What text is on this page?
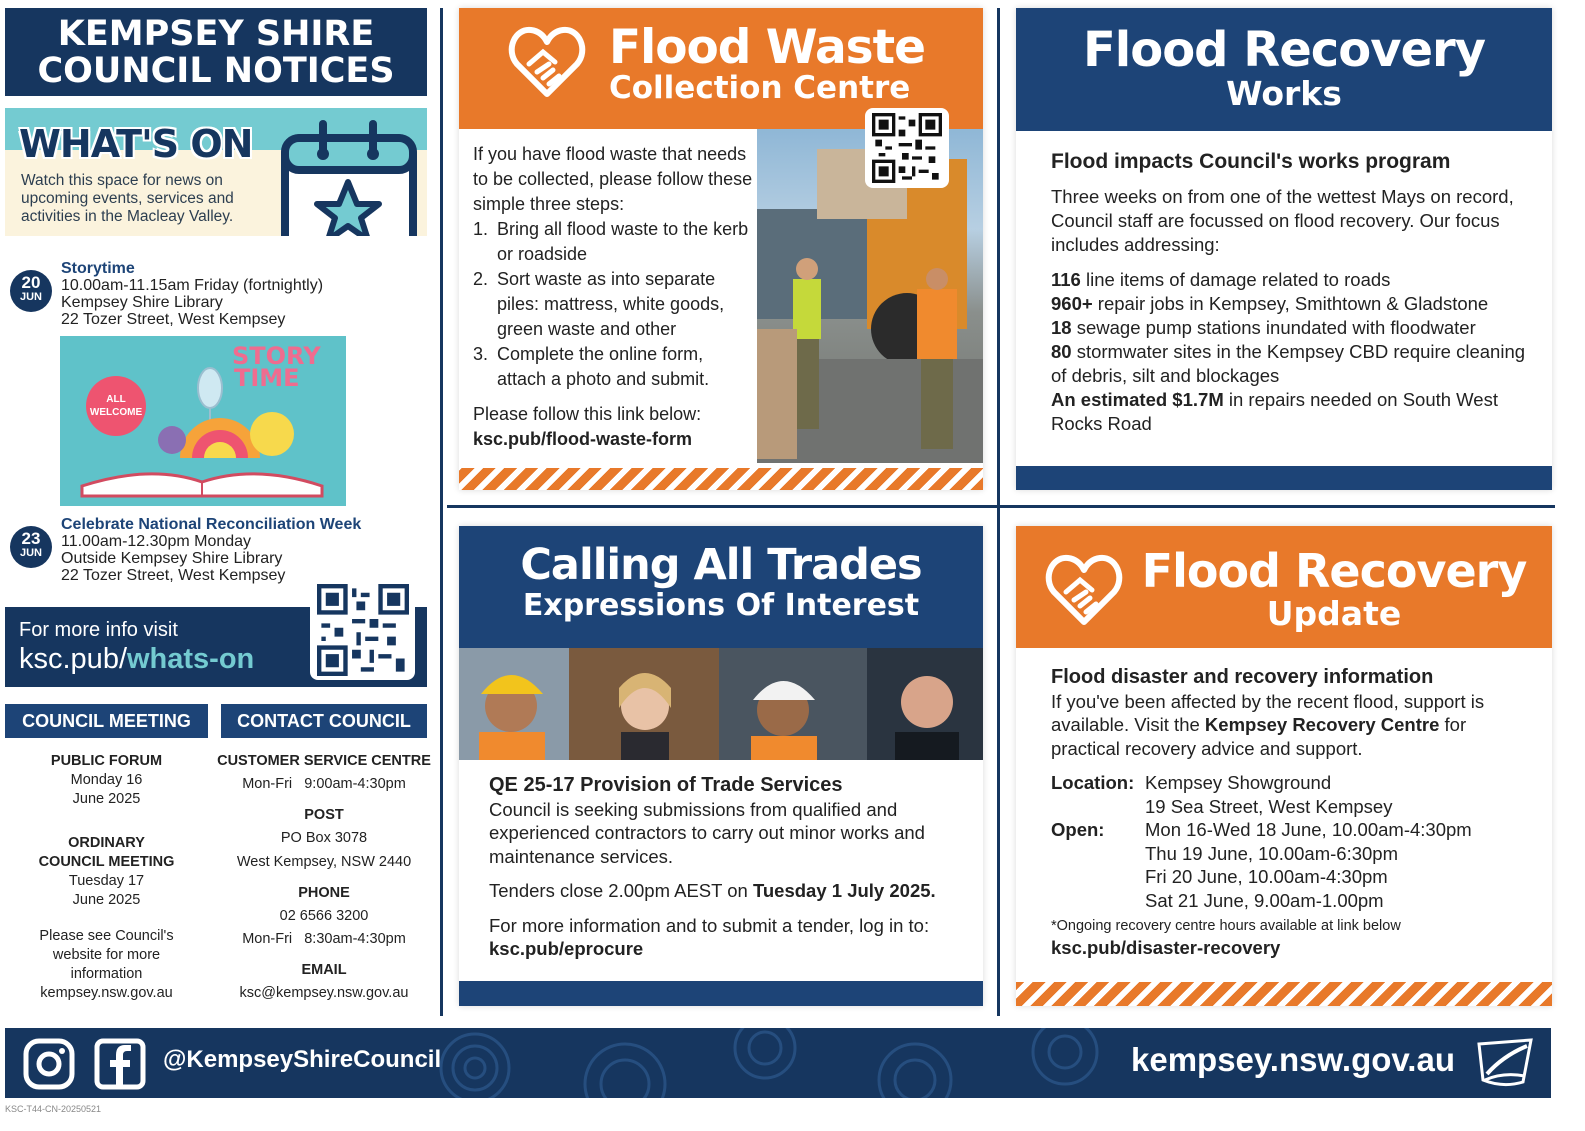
KEMPSEY SHIRE
COUNCIL NOTICES
WHAT'S ON

Watch this space for news on upcoming events, services and activities in the Macleay Valley.

20
JUN
Storytime
10.00am-11.15am Friday (fortnightly)
Kempsey Shire Library
22 Tozer Street, West Kempsey
STORY
TIME
ALL
WELCOME
23
JUN
Celebrate National Reconciliation Week
11.00am-12.30pm Monday
Outside Kempsey Shire Library
22 Tozer Street, West Kempsey
For more info visit
ksc.pub/whats-on
COUNCIL MEETING
PUBLIC FORUM
Monday 16
June 2025
ORDINARY
COUNCIL MEETING
Tuesday 17
June 2025
Please see Council's
website for more
information
kempsey.nsw.gov.au
CONTACT COUNCIL
CUSTOMER SERVICE CENTRE
Mon-Fri   9:00am-4:30pm
POST
PO Box 3078
West Kempsey, NSW 2440
PHONE
02 6566 3200
Mon-Fri   8:30am-4:30pm
EMAIL
ksc@kempsey.nsw.gov.au
Flood Waste
Collection Centre
If you have flood waste that needs to be collected, please follow these simple three steps:
1. Bring all flood waste to the kerb or roadside
2. Sort waste as into separate piles: mattress, white goods, green waste and other
3. Complete the online form, attach a photo and submit.
Please follow this link below:
ksc.pub/flood-waste-form
Flood Recovery
Works
Flood impacts Council's works program
Three weeks on from one of the wettest Mays on record, Council staff are focussed on flood recovery. Our focus includes addressing:
116 line items of damage related to roads
960+ repair jobs in Kempsey, Smithtown & Gladstone
18 sewage pump stations inundated with floodwater
80 stormwater sites in the Kempsey CBD require cleaning of debris, silt and blockages
An estimated $1.7M in repairs needed on South West Rocks Road
Calling All Trades
Expressions Of Interest
QE 25-17 Provision of Trade Services
Council is seeking submissions from qualified and experienced contractors to carry out minor works and maintenance services.
Tenders close 2.00pm AEST on Tuesday 1 July 2025.
For more information and to submit a tender, log in to: ksc.pub/eprocure
Flood Recovery
Update
Flood disaster and recovery information
If you've been affected by the recent flood, support is available. Visit the Kempsey Recovery Centre for practical recovery advice and support.
Location: Kempsey Showground
19 Sea Street, West Kempsey
Open:	Mon 16-Wed 18 June, 10.00am-4:30pm
Thu 19 June, 10.00am-6:30pm
Fri 20 June, 10.00am-4:30pm
Sat 21 June, 9.00am-1.00pm
*Ongoing recovery centre hours available at link below
ksc.pub/disaster-recovery
@KempseyShireCouncil	kempsey.nsw.gov.au
KSC-T44-CN-20250521
